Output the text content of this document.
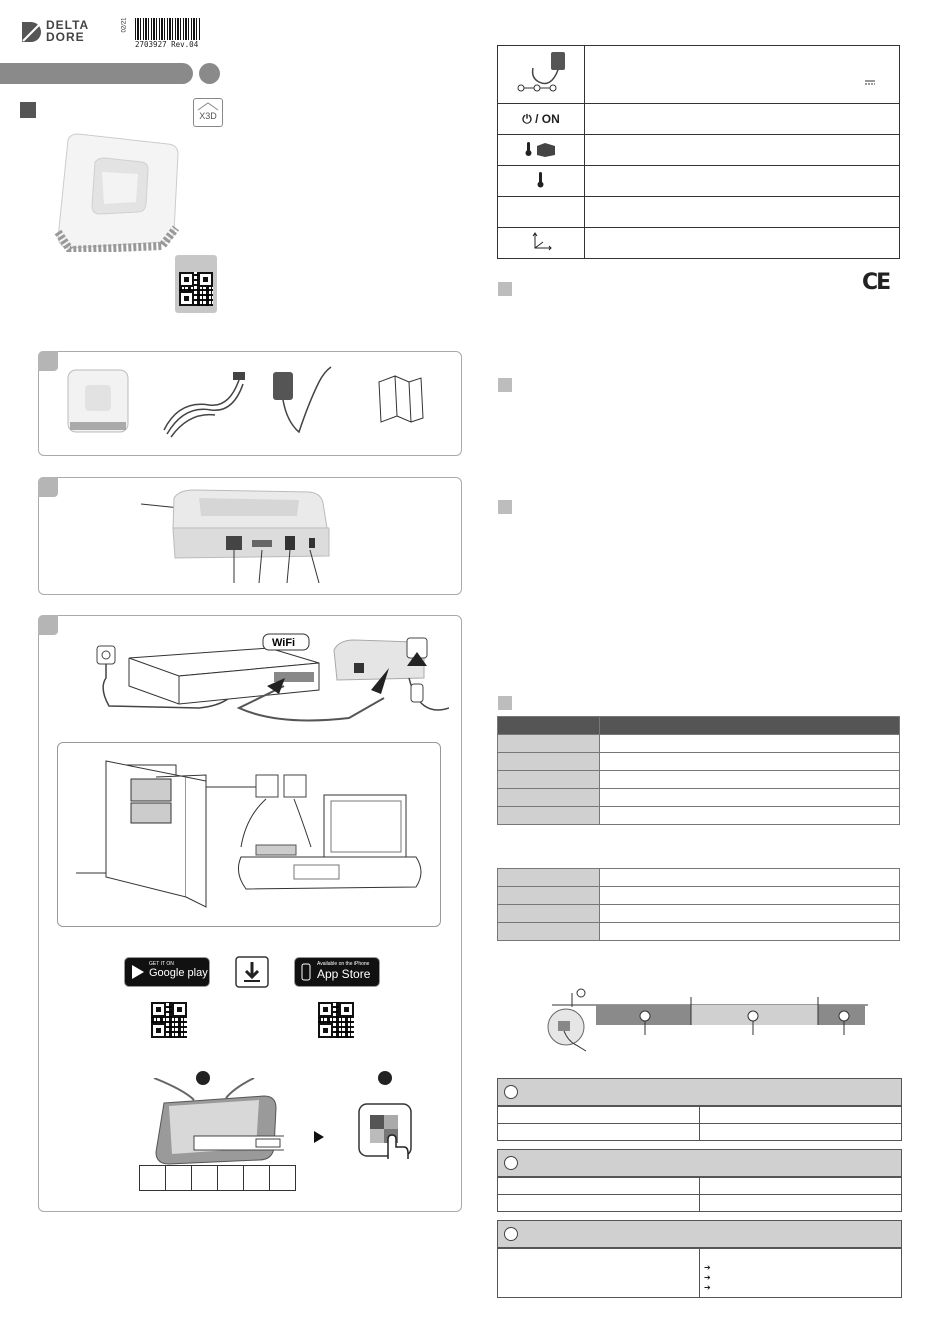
DELTA
DORE
02/21
2703927 Rev.04
X3D
WiFi
GET IT ON
Google play
Available on the iPhone
App Store

⏻ / ON	

CE

➔
➔
➔
